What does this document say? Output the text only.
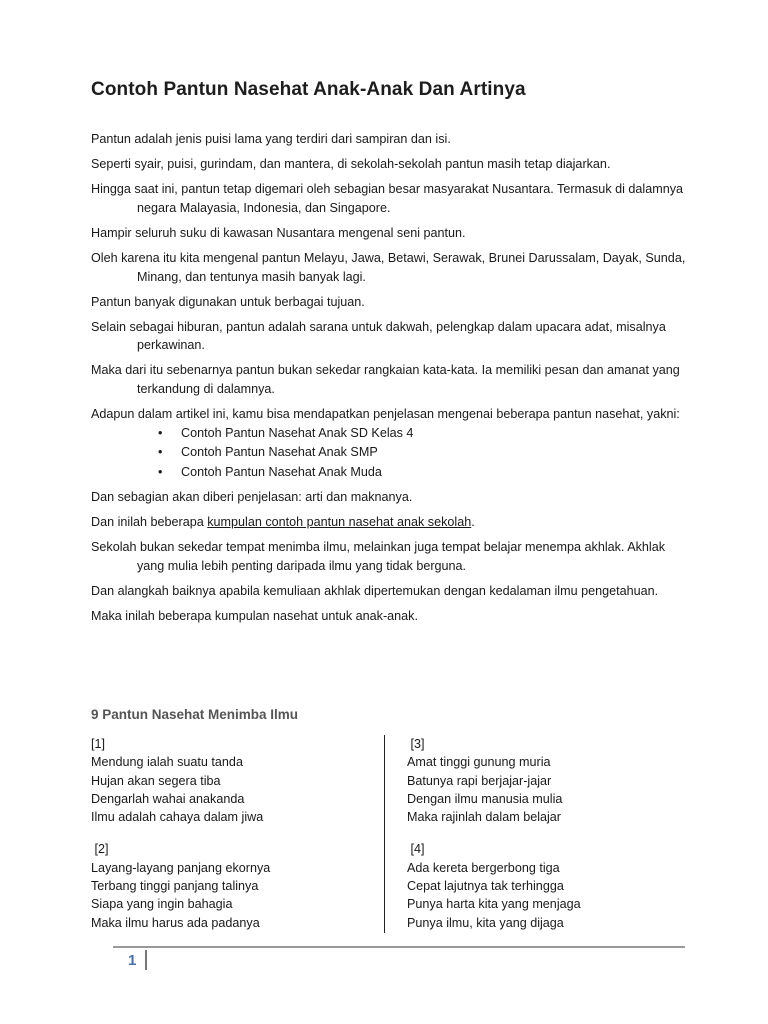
Contoh Pantun Nasehat Anak-Anak Dan Artinya

Pantun adalah jenis puisi lama yang terdiri dari sampiran dan isi.

Seperti syair, puisi, gurindam, dan mantera, di sekolah-sekolah pantun masih tetap diajarkan.

Hingga saat ini, pantun tetap digemari oleh sebagian besar masyarakat Nusantara. Termasuk di dalamnya negara Malayasia, Indonesia, dan Singapore.

Hampir seluruh suku di kawasan Nusantara mengenal seni pantun.

Oleh karena itu kita mengenal pantun Melayu, Jawa, Betawi, Serawak, Brunei Darussalam, Dayak, Sunda, Minang, dan tentunya masih banyak lagi.

Pantun banyak digunakan untuk berbagai tujuan.

Selain sebagai hiburan, pantun adalah sarana untuk dakwah, pelengkap dalam upacara adat, misalnya perkawinan.

Maka dari itu sebenarnya pantun bukan sekedar rangkaian kata-kata. Ia memiliki pesan dan amanat yang terkandung di dalamnya.

Adapun dalam artikel ini, kamu bisa mendapatkan penjelasan mengenai beberapa pantun nasehat, yakni:

• Contoh Pantun Nasehat Anak SD Kelas 4
• Contoh Pantun Nasehat Anak SMP
• Contoh Pantun Nasehat Anak Muda

Dan sebagian akan diberi penjelasan: arti dan maknanya.

Dan inilah beberapa kumpulan contoh pantun nasehat anak sekolah.

Sekolah bukan sekedar tempat menimba ilmu, melainkan juga tempat belajar menempa akhlak. Akhlak yang mulia lebih penting daripada ilmu yang tidak berguna.

Dan alangkah baiknya apabila kemuliaan akhlak dipertemukan dengan kedalaman ilmu pengetahuan.

Maka inilah beberapa kumpulan nasehat untuk anak-anak.

9 Pantun Nasehat Menimba Ilmu
[1]
Mendung ialah suatu tanda
Hujan akan segera tiba
Dengarlah wahai anakanda
Ilmu adalah cahaya dalam jiwa
[2]
Layang-layang panjang ekornya
Terbang tinggi panjang talinya
Siapa yang ingin bahagia
Maka ilmu harus ada padanya
[3]
Amat tinggi gunung muria
Batunya rapi berjajar-jajar
Dengan ilmu manusia mulia
Maka rajinlah dalam belajar
[4]
Ada kereta bergerbong tiga
Cepat lajutnya tak terhingga
Punya harta kita yang menjaga
Punya ilmu, kita yang dijaga
1
